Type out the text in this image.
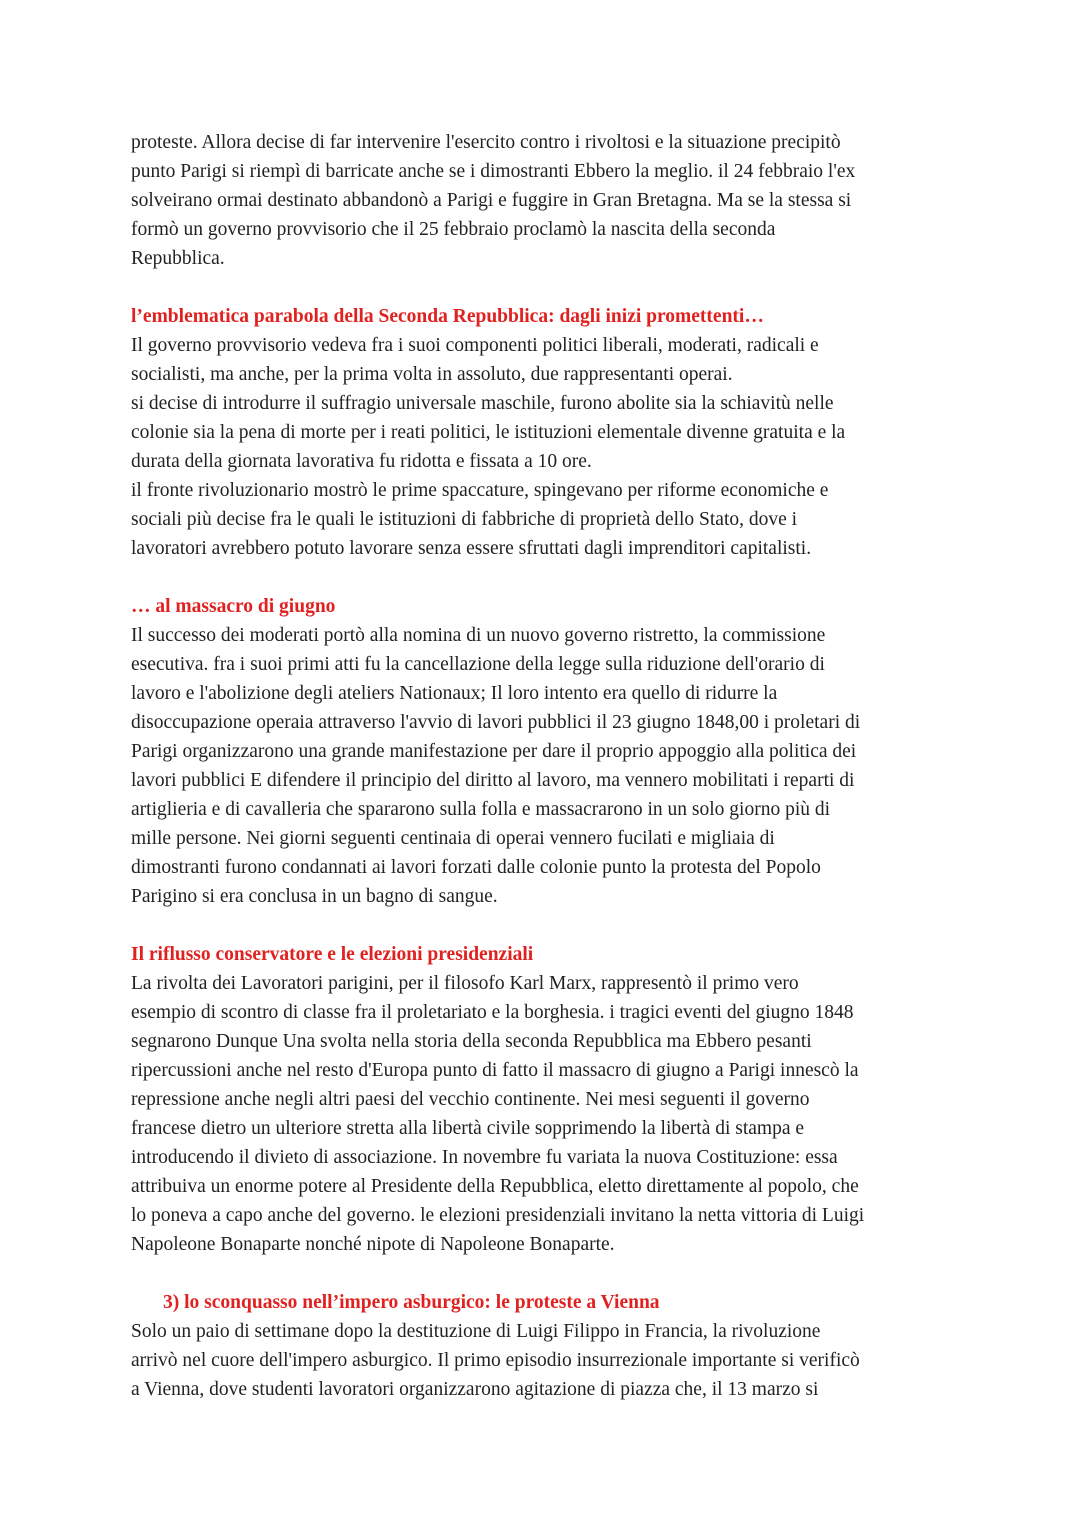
proteste. Allora decise di far intervenire l'esercito contro i rivoltosi e la situazione precipitò
punto Parigi si riempì di barricate anche se i dimostranti Ebbero la meglio. il 24 febbraio l'ex
solveirano ormai destinato abbandonò a Parigi e fuggire in Gran Bretagna. Ma se la stessa si
formò un governo provvisorio che il 25 febbraio proclamò la nascita della seconda
Repubblica.
l’emblematica parabola della Seconda Repubblica: dagli inizi promettenti…
Il governo provvisorio vedeva fra i suoi componenti politici liberali, moderati, radicali e
socialisti, ma anche, per la prima volta in assoluto, due rappresentanti operai.
si decise di introdurre il suffragio universale maschile, furono abolite sia la schiavitù nelle
colonie sia la pena di morte per i reati politici, le istituzioni elementale divenne gratuita e la
durata della giornata lavorativa fu ridotta e fissata a 10 ore.
il fronte rivoluzionario mostrò le prime spaccature, spingevano per riforme economiche e
sociali più decise fra le quali le istituzioni di fabbriche di proprietà dello Stato, dove i
lavoratori avrebbero potuto lavorare senza essere sfruttati dagli imprenditori capitalisti.
… al massacro di giugno
Il successo dei moderati portò alla nomina di un nuovo governo ristretto, la commissione
esecutiva. fra i suoi primi atti fu la cancellazione della legge sulla riduzione dell'orario di
lavoro e l'abolizione degli ateliers Nationaux; Il loro intento era quello di ridurre la
disoccupazione operaia attraverso l'avvio di lavori pubblici il 23 giugno 1848,00 i proletari di
Parigi organizzarono una grande manifestazione per dare il proprio appoggio alla politica dei
lavori pubblici E difendere il principio del diritto al lavoro, ma vennero mobilitati i reparti di
artiglieria e di cavalleria che spararono sulla folla e massacrarono in un solo giorno più di
mille persone. Nei giorni seguenti centinaia di operai vennero fucilati e migliaia di
dimostranti furono condannati ai lavori forzati dalle colonie punto la protesta del Popolo
Parigino si era conclusa in un bagno di sangue.
Il riflusso conservatore e le elezioni presidenziali
La rivolta dei Lavoratori parigini, per il filosofo Karl Marx, rappresentò il primo vero
esempio di scontro di classe fra il proletariato e la borghesia. i tragici eventi del giugno 1848
segnarono Dunque Una svolta nella storia della seconda Repubblica ma Ebbero pesanti
ripercussioni anche nel resto d'Europa punto di fatto il massacro di giugno a Parigi innescò la
repressione anche negli altri paesi del vecchio continente. Nei mesi seguenti il governo
francese dietro un ulteriore stretta alla libertà civile sopprimendo la libertà di stampa e
introducendo il divieto di associazione. In novembre fu variata la nuova Costituzione: essa
attribuiva un enorme potere al Presidente della Repubblica, eletto direttamente al popolo, che
lo poneva a capo anche del governo. le elezioni presidenziali invitano la netta vittoria di Luigi
Napoleone Bonaparte nonché nipote di Napoleone Bonaparte.
3) lo sconquasso nell’impero asburgico: le proteste a Vienna
Solo un paio di settimane dopo la destituzione di Luigi Filippo in Francia, la rivoluzione
arrivò nel cuore dell'impero asburgico. Il primo episodio insurrezionale importante si verificò
a Vienna, dove studenti lavoratori organizzarono agitazione di piazza che, il 13 marzo si
